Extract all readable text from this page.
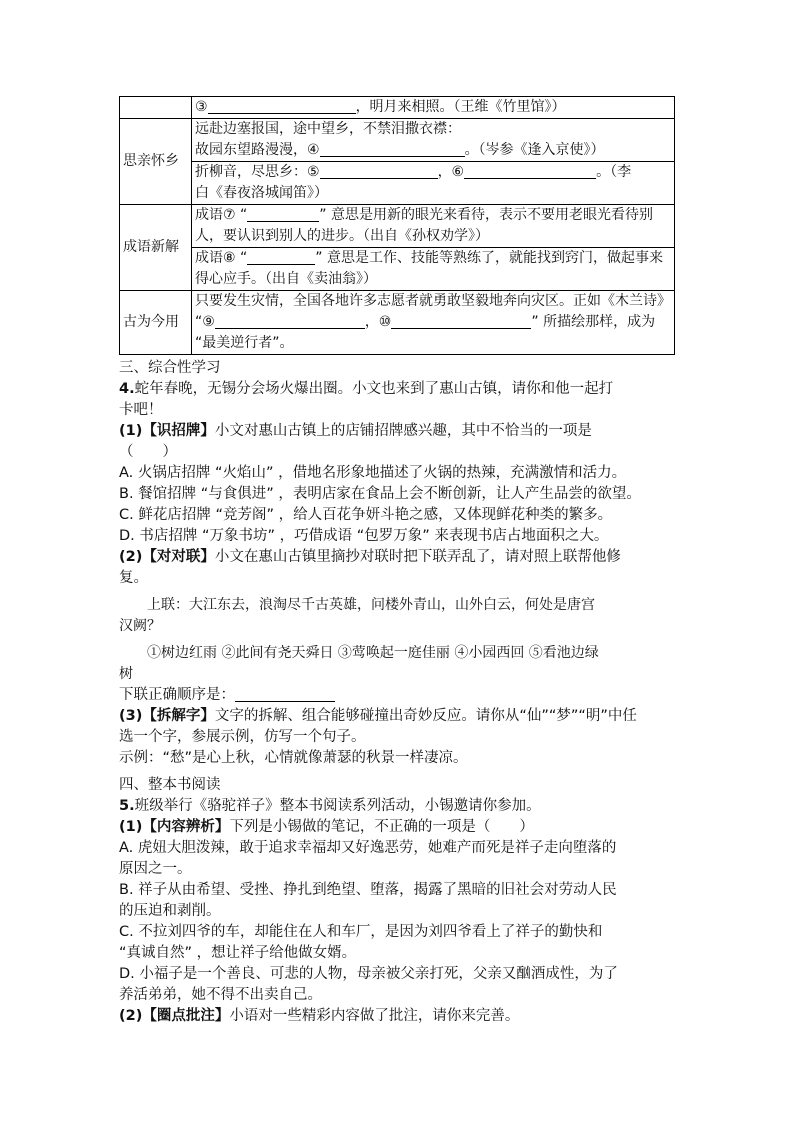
	③ ，明月来相照。（王维《竹里馆》）
思亲怀乡	远赴边塞报国，途中望乡，不禁泪撒衣襟：
故园东望路漫漫，④ 。（岑参《逢入京使》）

	折柳音，尽思乡：⑤ ，⑥ 。（李
白《春夜洛城闻笛》）

成语新解	成语⑦ “ ” 意思是用新的眼光来看待，表示不要用老眼光看待别
人，要认识到别人的进步。（出自《孙权劝学》）

	成语⑧ “ ” 意思是工作、技能等熟练了，就能找到窍门，做起事来
得心应手。（出自《卖油翁》）

古为今用	只要发生灾情，全国各地许多志愿者就勇敢坚毅地奔向灾区。正如《木兰诗》
“⑨ ，⑩ ” 所描绘那样，成为
“最美逆行者”。
三、综合性学习
4.蛇年春晚，无锡分会场火爆出圈。小文也来到了惠山古镇，请你和他一起打
卡吧！
(1)【识招牌】小文对惠山古镇上的店铺招牌感兴趣，其中不恰当的一项是
（　　）
A. 火锅店招牌 “火焰山” ，借地名形象地描述了火锅的热辣，充满激情和活力。
B. 餐馆招牌 “与食俱进” ，表明店家在食品上会不断创新，让人产生品尝的欲望。
C. 鲜花店招牌 “竞芳阁” ，给人百花争妍斗艳之感，又体现鲜花种类的繁多。
D. 书店招牌 “万象书坊” ，巧借成语 “包罗万象” 来表现书店占地面积之大。
(2)【对对联】小文在惠山古镇里摘抄对联时把下联弄乱了，请对照上联帮他修
复。
上联：大江东去，浪淘尽千古英雄，问楼外青山，山外白云，何处是唐宫
汉阙？
①树边红雨 ②此间有尧天舜日 ③莺唤起一庭佳丽 ④小园西回 ⑤看池边绿
树
下联正确顺序是：
(3)【拆解字】文字的拆解、组合能够碰撞出奇妙反应。请你从“仙”“梦”“明”中任
选一个字，参展示例，仿写一个句子。
示例：“愁”是心上秋，心情就像萧瑟的秋景一样凄凉。
四、整本书阅读
5.班级举行《骆驼祥子》整本书阅读系列活动，小锡邀请你参加。
(1)【内容辨析】下列是小锡做的笔记，不正确的一项是（　　）
A. 虎妞大胆泼辣，敢于追求幸福却又好逸恶劳，她难产而死是祥子走向堕落的
原因之一。
B. 祥子从由希望、受挫、挣扎到绝望、堕落，揭露了黑暗的旧社会对劳动人民
的压迫和剥削。
C. 不拉刘四爷的车，却能住在人和车厂，是因为刘四爷看上了祥子的勤快和
“真诚自然” ，想让祥子给他做女婿。
D. 小福子是一个善良、可悲的人物，母亲被父亲打死，父亲又酗酒成性，为了
养活弟弟，她不得不出卖自己。
(2)【圈点批注】小语对一些精彩内容做了批注，请你来完善。
